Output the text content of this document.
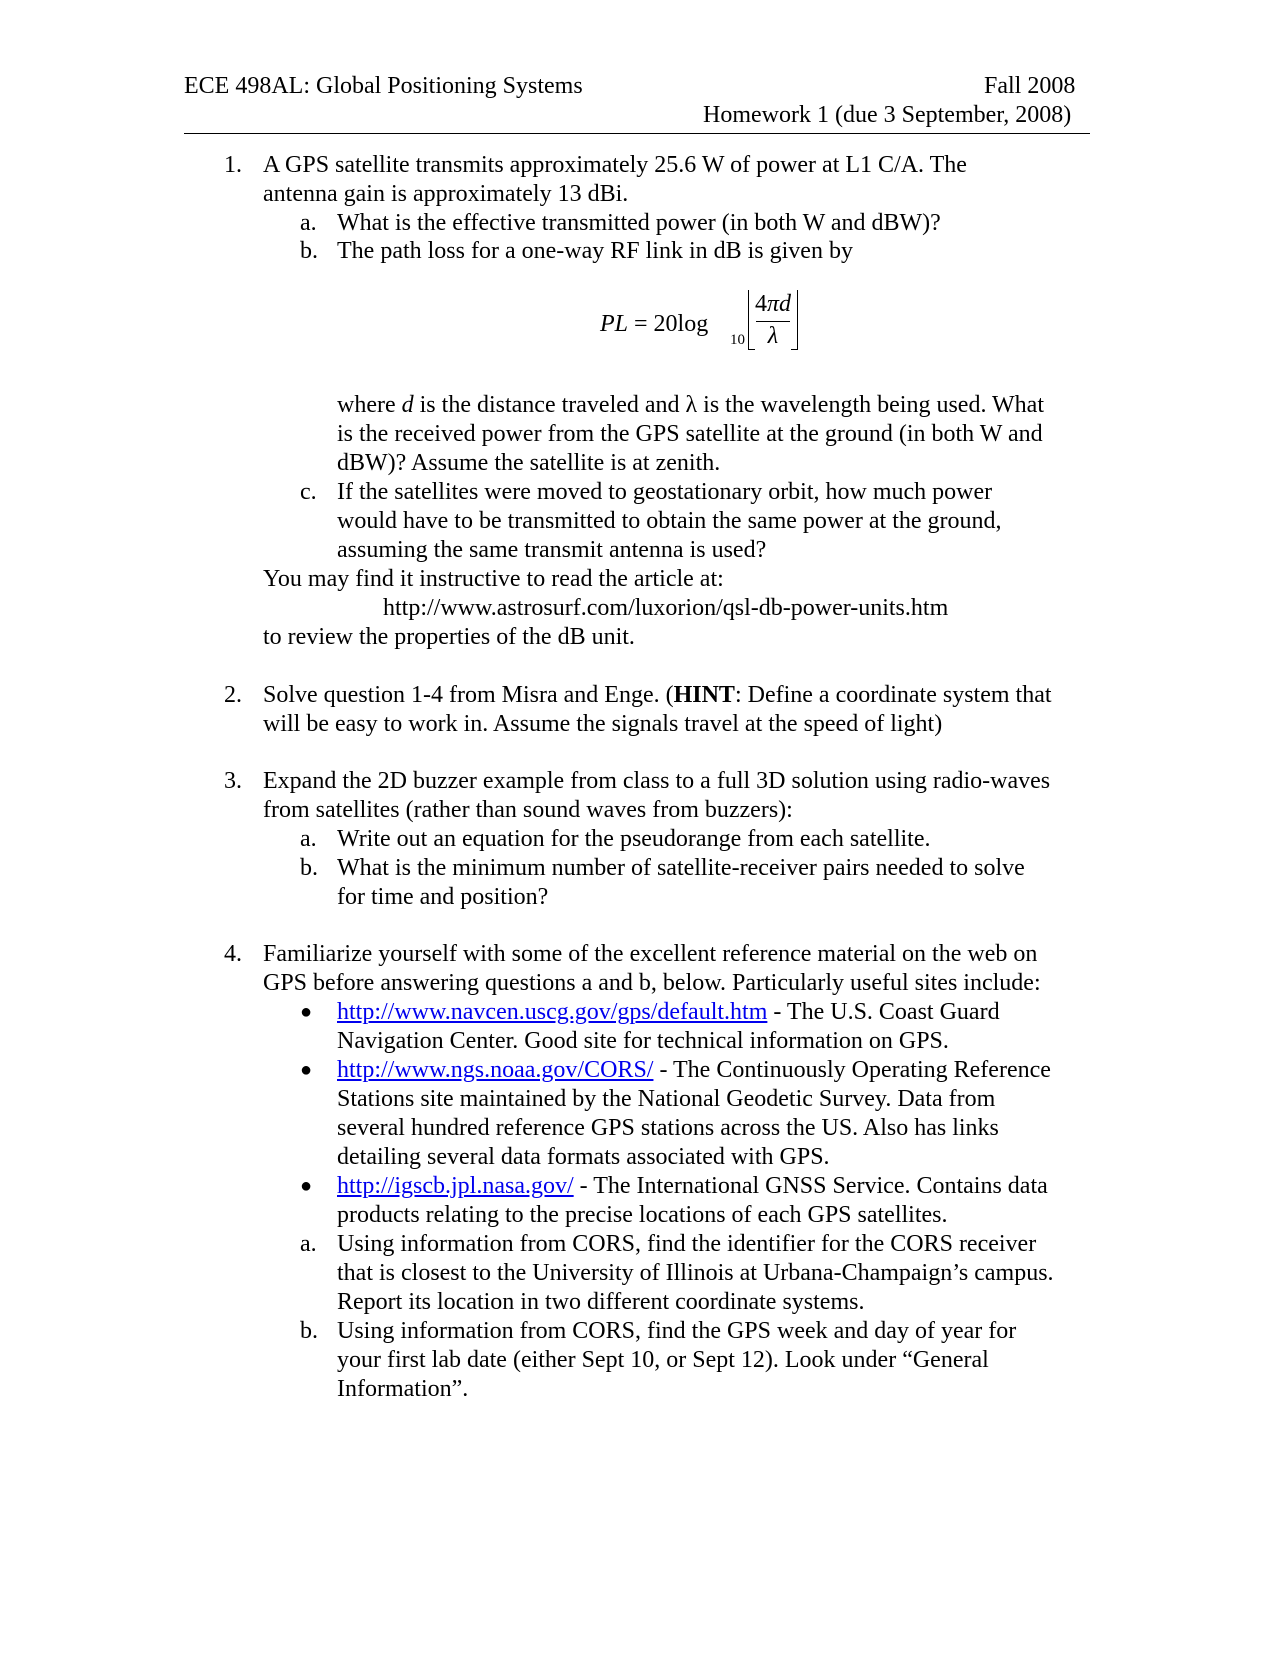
ECE 498AL: Global Positioning Systems	Fall 2008
Homework 1 (due 3 September, 2008)
1. A GPS satellite transmits approximately 25.6 W of power at L1 C/A. The
antenna gain is approximately 13 dBi.
a. What is the effective transmitted power (in both W and dBW)?
b. The path loss for a one-way RF link in dB is given by
PL = 20log
10
4πd
λ
where d is the distance traveled and λ is the wavelength being used. What
is the received power from the GPS satellite at the ground (in both W and
dBW)? Assume the satellite is at zenith.
c. If the satellites were moved to geostationary orbit, how much power
would have to be transmitted to obtain the same power at the ground,
assuming the same transmit antenna is used?
You may find it instructive to read the article at:
http://www.astrosurf.com/luxorion/qsl-db-power-units.htm
to review the properties of the dB unit.
2. Solve question 1-4 from Misra and Enge. (HINT: Define a coordinate system that
will be easy to work in. Assume the signals travel at the speed of light)
3. Expand the 2D buzzer example from class to a full 3D solution using radio-waves
from satellites (rather than sound waves from buzzers):
a. Write out an equation for the pseudorange from each satellite.
b. What is the minimum number of satellite-receiver pairs needed to solve
for time and position?
4. Familiarize yourself with some of the excellent reference material on the web on
GPS before answering questions a and b, below. Particularly useful sites include:
● http://www.navcen.uscg.gov/gps/default.htm - The U.S. Coast Guard
Navigation Center. Good site for technical information on GPS.
● http://www.ngs.noaa.gov/CORS/ - The Continuously Operating Reference
Stations site maintained by the National Geodetic Survey. Data from
several hundred reference GPS stations across the US. Also has links
detailing several data formats associated with GPS.
● http://igscb.jpl.nasa.gov/ - The International GNSS Service. Contains data
products relating to the precise locations of each GPS satellites.
a. Using information from CORS, find the identifier for the CORS receiver
that is closest to the University of Illinois at Urbana-Champaign’s campus.
Report its location in two different coordinate systems.
b. Using information from CORS, find the GPS week and day of year for
your first lab date (either Sept 10, or Sept 12). Look under “General
Information”.
